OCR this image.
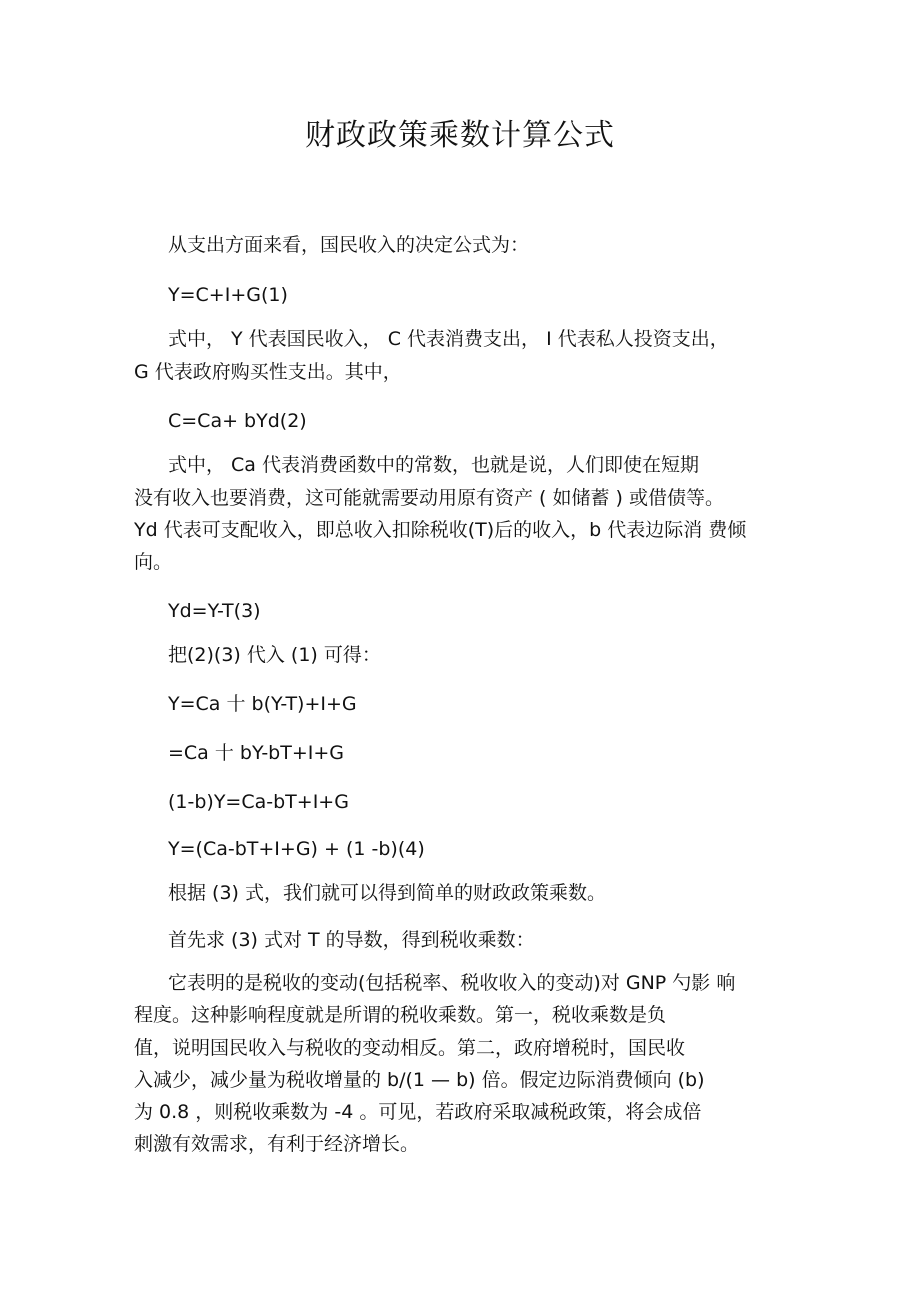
财政政策乘数计算公式
从支出方面来看，国民收入的决定公式为：
Y=C+I+G(1)
式中， Y 代表国民收入， C 代表消费支出， I 代表私人投资支出，
G 代表政府购买性支出。其中，
C=Ca+ bYd(2)
式中， Ca 代表消费函数中的常数，也就是说，人们即使在短期
没有收入也要消费，这可能就需要动用原有资产 ( 如储蓄 ) 或借债等。
Yd 代表可支配收入，即总收入扣除税收(T)后的收入，b 代表边际消 费倾
向。
Yd=Y-T(3)
把(2)(3) 代入 (1) 可得：
Y=Ca 十 b(Y-T)+I+G
=Ca 十 bY-bT+I+G
(1-b)Y=Ca-bT+I+G
Y=(Ca-bT+I+G) + (1 -b)(4)
根据 (3) 式，我们就可以得到简单的财政政策乘数。
首先求 (3) 式对 T 的导数，得到税收乘数：
它表明的是税收的变动(包括税率、税收收入的变动)对 GNP 勺影 响
程度。这种影响程度就是所谓的税收乘数。第一，税收乘数是负
值，说明国民收入与税收的变动相反。第二，政府增税时，国民收
入减少，减少量为税收增量的 b/(1 — b) 倍。假定边际消费倾向 (b)
为 0.8 ，则税收乘数为 -4 。可见，若政府采取减税政策，将会成倍
刺激有效需求，有利于经济增长。
